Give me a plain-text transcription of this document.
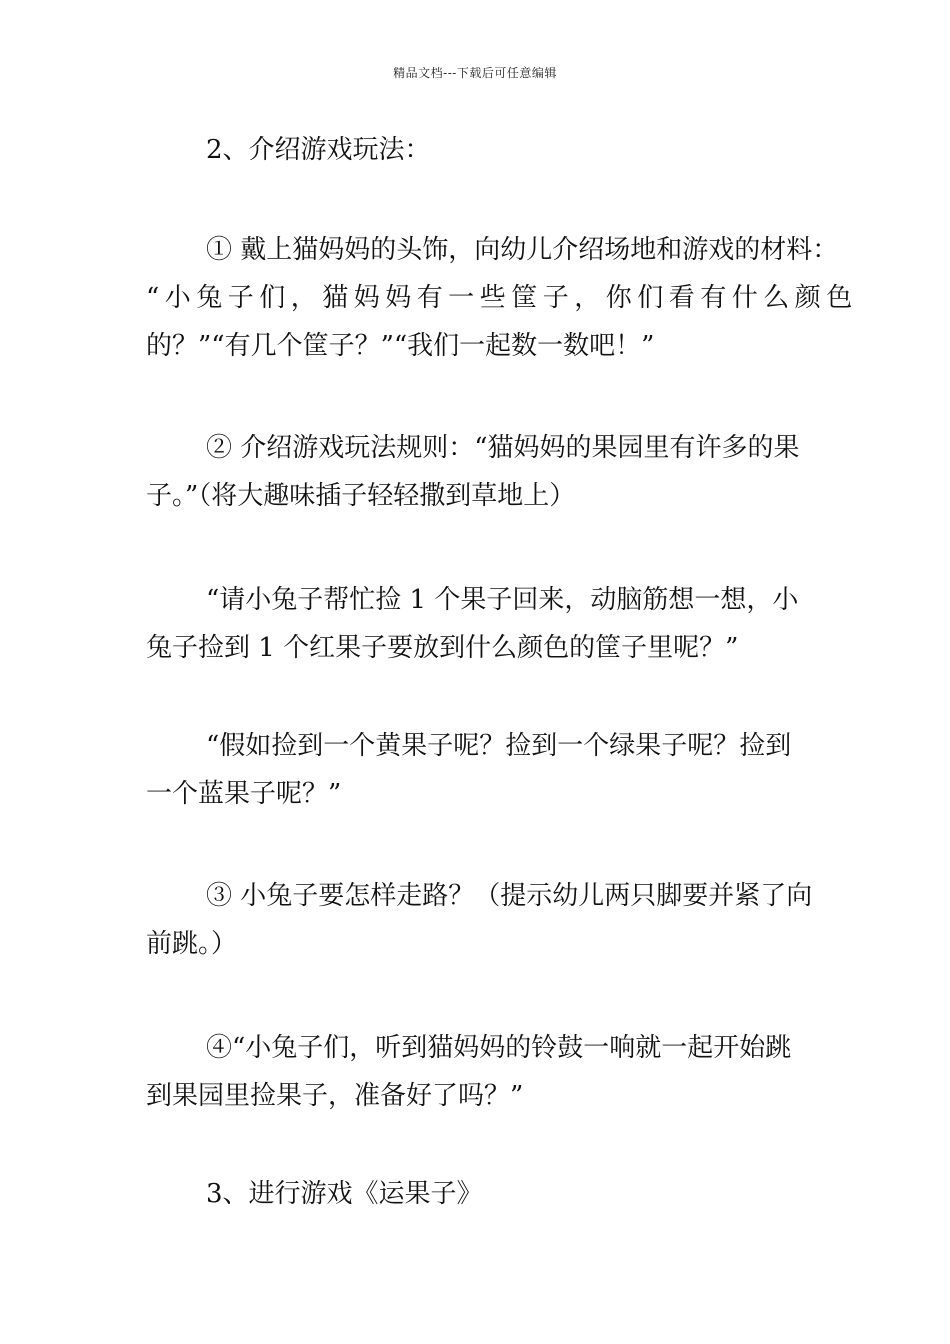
精品文档---下载后可任意编辑

2、介绍游戏玩法：

① 戴上猫妈妈的头饰，向幼儿介绍场地和游戏的材料：
“小兔子们，猫妈妈有一些筐子，你们看有什么颜色
的？”“有几个筐子？”“我们一起数一数吧！”

② 介绍游戏玩法规则：“猫妈妈的果园里有许多的果
子。”（将大趣味插子轻轻撒到草地上）

“请小兔子帮忙捡 1 个果子回来，动脑筋想一想，小
兔子捡到 1 个红果子要放到什么颜色的筐子里呢？”

“假如捡到一个黄果子呢？捡到一个绿果子呢？捡到
一个蓝果子呢？”

③ 小兔子要怎样走路？（提示幼儿两只脚要并紧了向
前跳。）

④“小兔子们，听到猫妈妈的铃鼓一响就一起开始跳
到果园里捡果子，准备好了吗？”

3、进行游戏《运果子》
